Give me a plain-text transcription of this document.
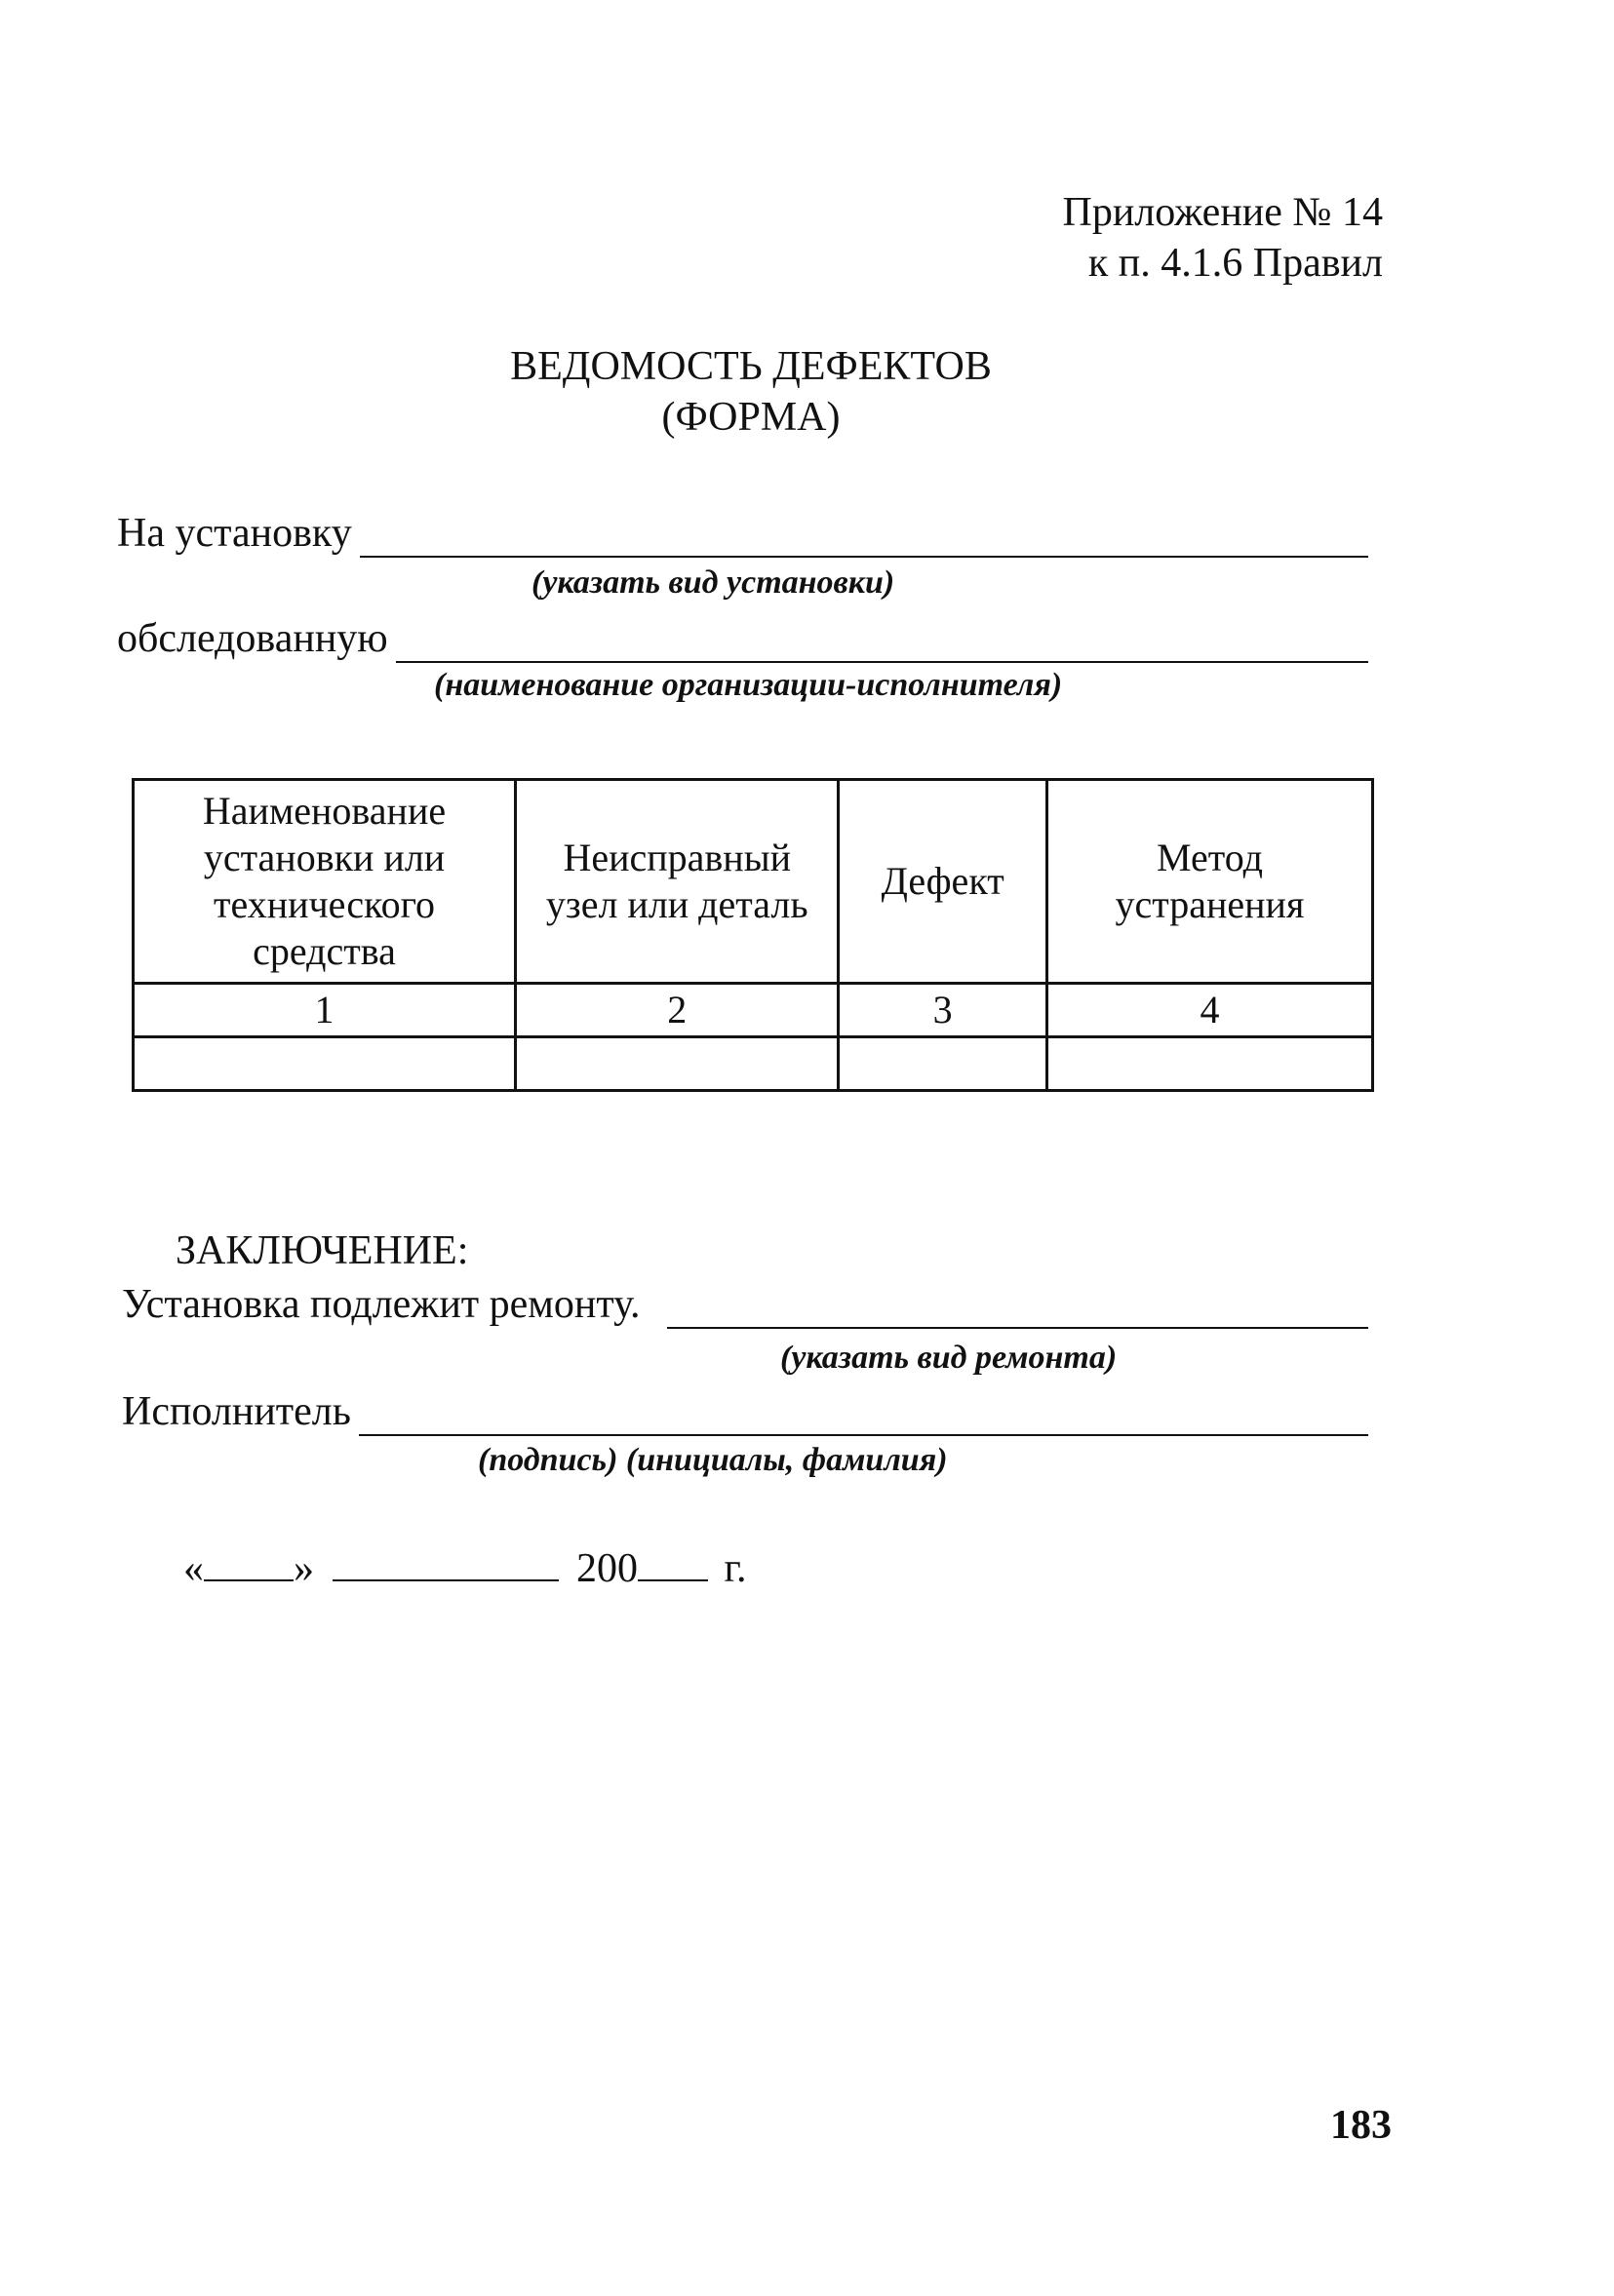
Приложение № 14
к п. 4.1.6 Правил
ВЕДОМОСТЬ ДЕФЕКТОВ
(ФОРМА)
На установку
(указать вид установки)
обследованную
(наименование организации-исполнителя)
Наименование установки или технического средства	Неисправный узел или деталь	Дефект	Метод устранения
1	2	3	4

ЗАКЛЮЧЕНИЕ:
Установка подлежит ремонту.
(указать вид ремонта)
Исполнитель
(подпись) (инициалы, фамилия)
« »	200 г.
183
